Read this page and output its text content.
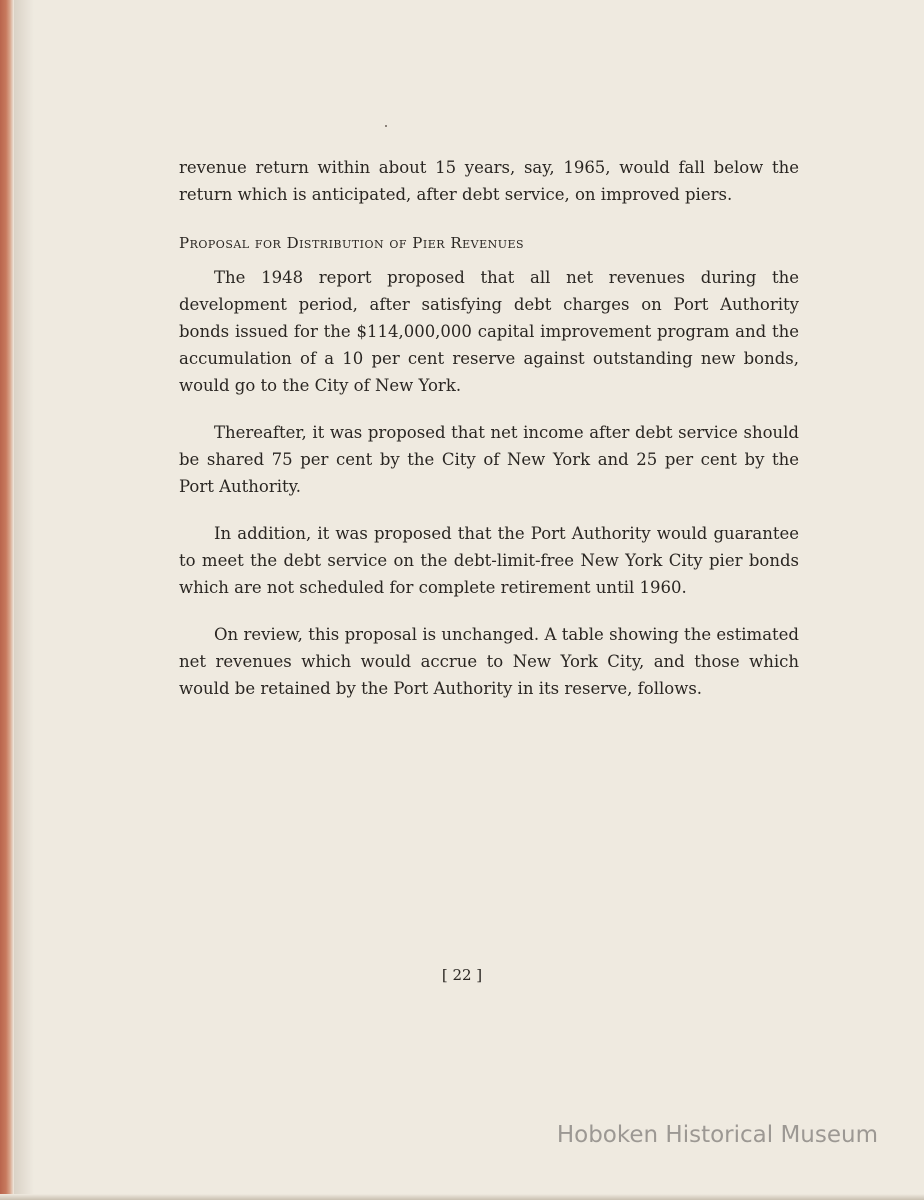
revenue return within about 15 years, say, 1965, would fall below the return which is anticipated, after debt service, on improved piers.

Proposal for Distribution of Pier Revenues

The 1948 report proposed that all net revenues during the development period, after satisfying debt charges on Port Authority bonds issued for the $114,000,000 capital improvement program and the accumulation of a 10 per cent reserve against outstanding new bonds, would go to the City of New York.

Thereafter, it was proposed that net income after debt service should be shared 75 per cent by the City of New York and 25 per cent by the Port Authority.

In addition, it was proposed that the Port Authority would guarantee to meet the debt service on the debt-limit-free New York City pier bonds which are not scheduled for complete retirement until 1960.

On review, this proposal is unchanged. A table showing the estimated net revenues which would accrue to New York City, and those which would be retained by the Port Authority in its reserve, follows.

[ 22 ]
Hoboken Historical Museum
